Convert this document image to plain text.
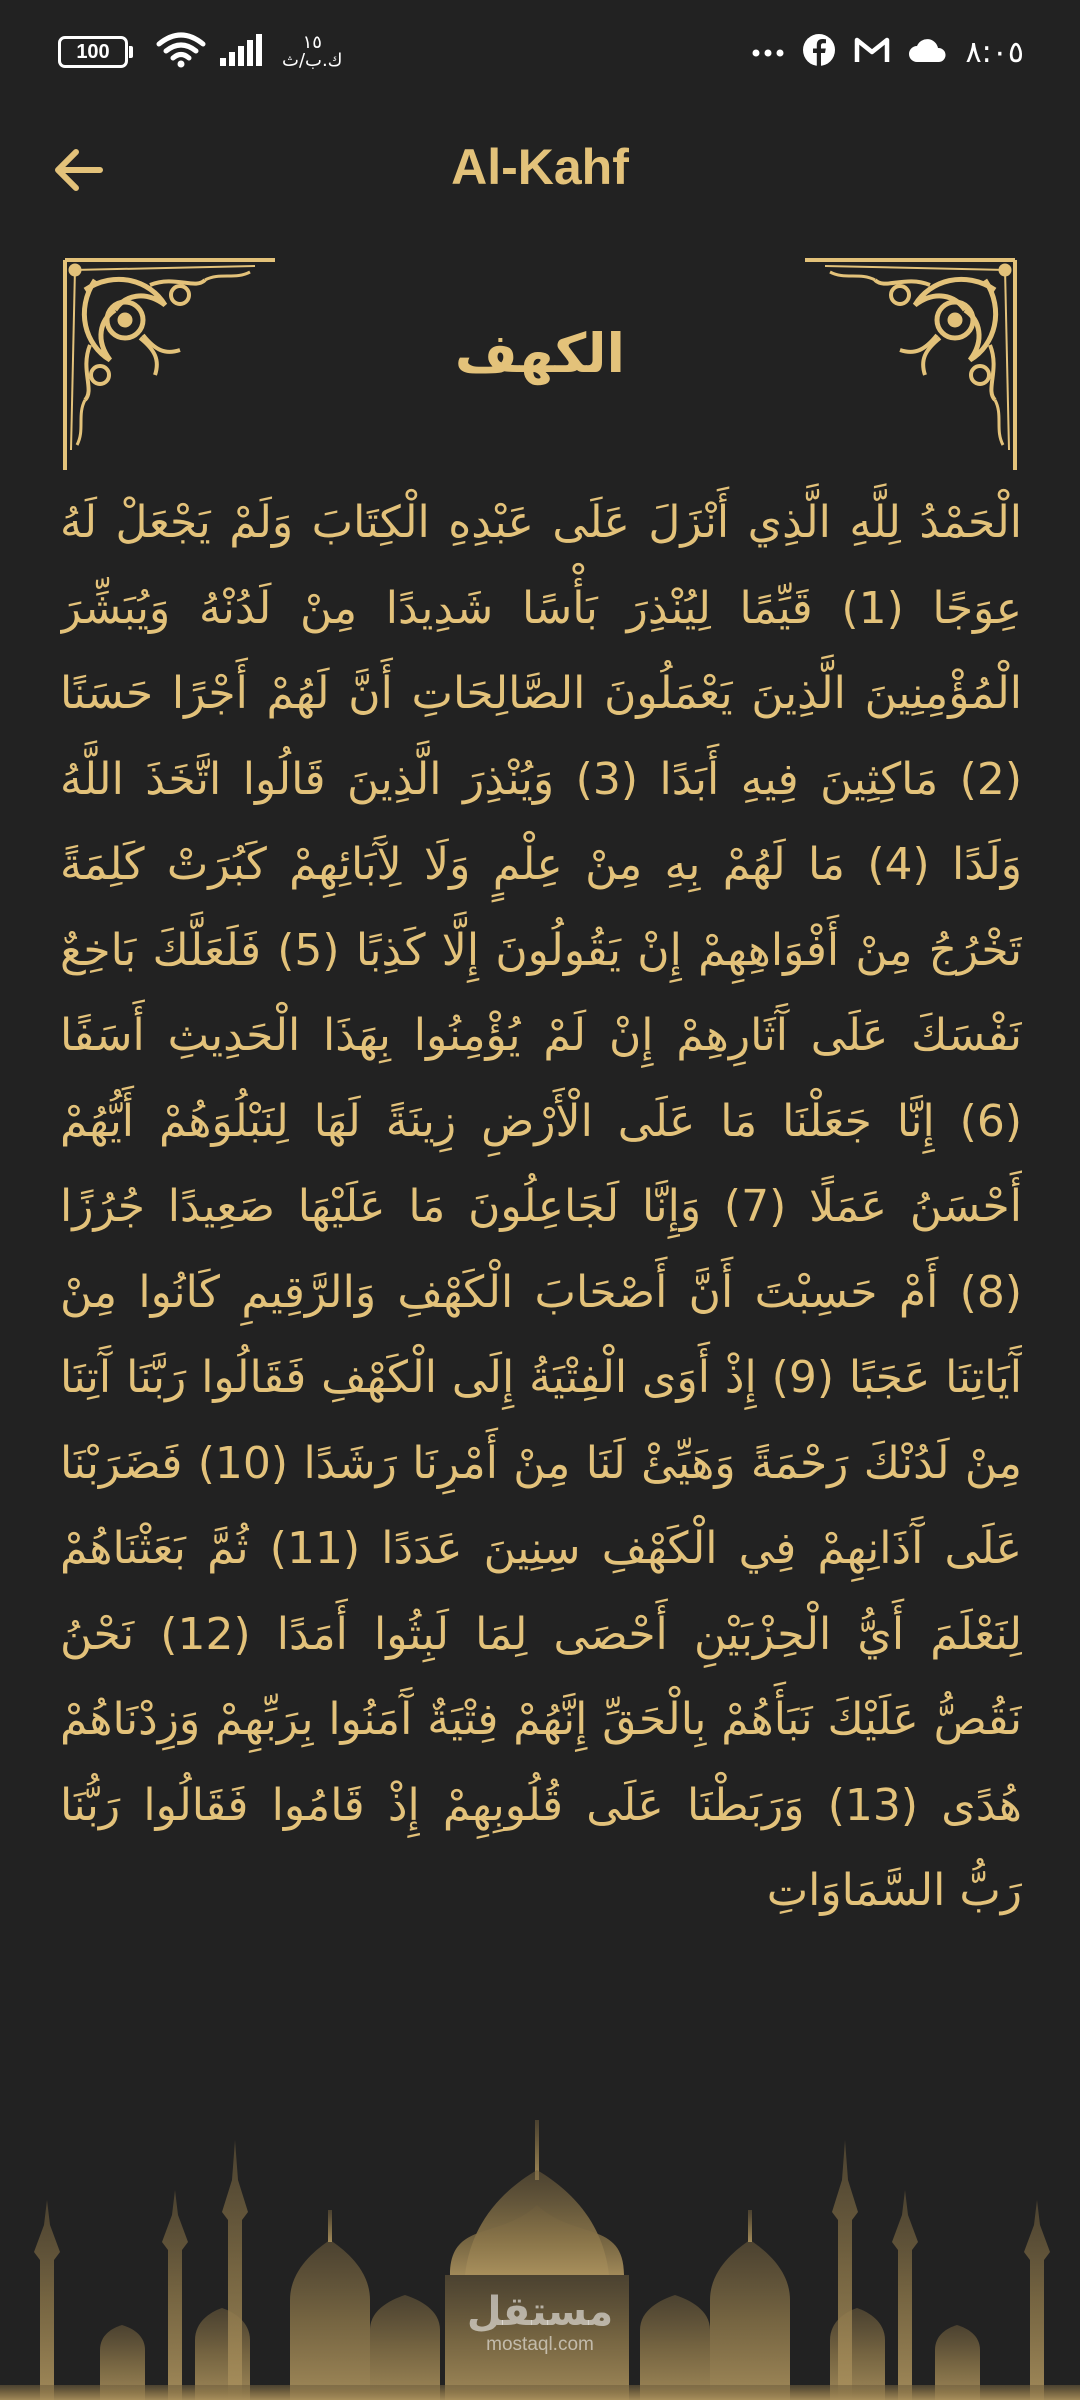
100	١٥
ك.ب/ث	٨:٠٥
Al-Kahf
الكهف
الْحَمْدُ لِلَّهِ الَّذِي أَنْزَلَ عَلَى عَبْدِهِ الْكِتَابَ وَلَمْ يَجْعَلْ لَهُ عِوَجًا (1) قَيِّمًا لِيُنْذِرَ بَأْسًا شَدِيدًا مِنْ لَدُنْهُ وَيُبَشِّرَ الْمُؤْمِنِينَ الَّذِينَ يَعْمَلُونَ الصَّالِحَاتِ أَنَّ لَهُمْ أَجْرًا حَسَنًا (2) مَاكِثِينَ فِيهِ أَبَدًا (3) وَيُنْذِرَ الَّذِينَ قَالُوا اتَّخَذَ اللَّهُ وَلَدًا (4) مَا لَهُمْ بِهِ مِنْ عِلْمٍ وَلَا لِآَبَائِهِمْ كَبُرَتْ كَلِمَةً تَخْرُجُ مِنْ أَفْوَاهِهِمْ إِنْ يَقُولُونَ إِلَّا كَذِبًا (5) فَلَعَلَّكَ بَاخِعٌ نَفْسَكَ عَلَى آَثَارِهِمْ إِنْ لَمْ يُؤْمِنُوا بِهَذَا الْحَدِيثِ أَسَفًا (6) إِنَّا جَعَلْنَا مَا عَلَى الْأَرْضِ زِينَةً لَهَا لِنَبْلُوَهُمْ أَيُّهُمْ أَحْسَنُ عَمَلًا (7) وَإِنَّا لَجَاعِلُونَ مَا عَلَيْهَا صَعِيدًا جُرُزًا (8) أَمْ حَسِبْتَ أَنَّ أَصْحَابَ الْكَهْفِ وَالرَّقِيمِ كَانُوا مِنْ آَيَاتِنَا عَجَبًا (9) إِذْ أَوَى الْفِتْيَةُ إِلَى الْكَهْفِ فَقَالُوا رَبَّنَا آَتِنَا مِنْ لَدُنْكَ رَحْمَةً وَهَيِّئْ لَنَا مِنْ أَمْرِنَا رَشَدًا (10) فَضَرَبْنَا عَلَى آَذَانِهِمْ فِي الْكَهْفِ سِنِينَ عَدَدًا (11) ثُمَّ بَعَثْنَاهُمْ لِنَعْلَمَ أَيُّ الْحِزْبَيْنِ أَحْصَى لِمَا لَبِثُوا أَمَدًا (12) نَحْنُ نَقُصُّ عَلَيْكَ نَبَأَهُمْ بِالْحَقِّ إِنَّهُمْ فِتْيَةٌ آَمَنُوا بِرَبِّهِمْ وَزِدْنَاهُمْ هُدًى (13) وَرَبَطْنَا عَلَى قُلُوبِهِمْ إِذْ قَامُوا فَقَالُوا رَبُّنَا رَبُّ السَّمَاوَاتِ
مستقل
mostaql.com
